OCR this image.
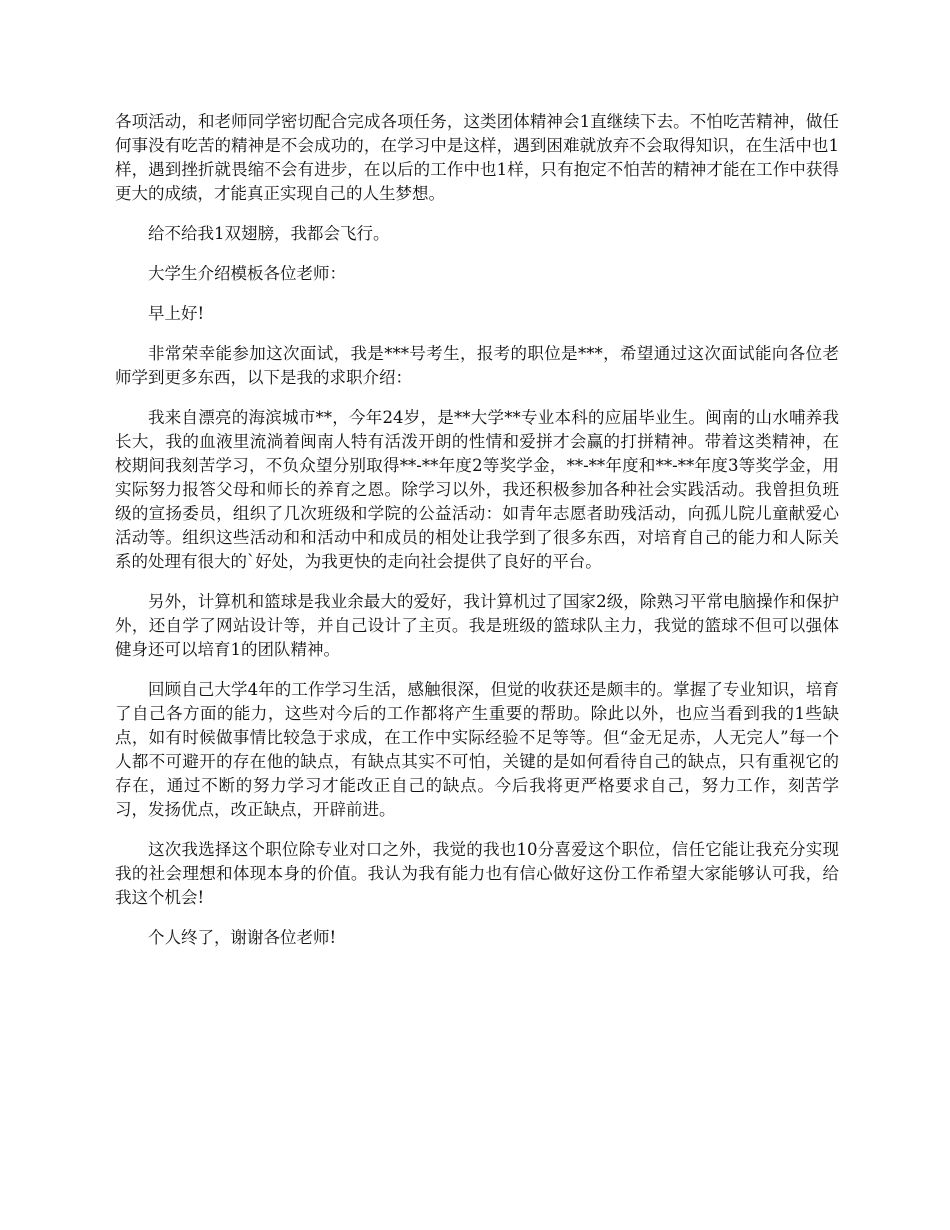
各项活动，和老师同学密切配合完成各项任务，这类团体精神会1直继续下去。不怕吃苦精神，做任何事没有吃苦的精神是不会成功的，在学习中是这样，遇到困难就放弃不会取得知识，在生活中也1样，遇到挫折就畏缩不会有进步，在以后的工作中也1样，只有抱定不怕苦的精神才能在工作中获得更大的成绩，才能真正实现自己的人生梦想。

给不给我1双翅膀，我都会飞行。

大学生介绍模板各位老师：

早上好!

非常荣幸能参加这次面试，我是***号考生，报考的职位是***，希望通过这次面试能向各位老师学到更多东西，以下是我的求职介绍：

我来自漂亮的海滨城市**，今年24岁，是**大学**专业本科的应届毕业生。闽南的山水哺养我长大，我的血液里流淌着闽南人特有活泼开朗的性情和爱拼才会赢的打拼精神。带着这类精神，在校期间我刻苦学习，不负众望分别取得**-**年度2等奖学金，**-**年度和**-**年度3等奖学金，用实际努力报答父母和师长的养育之恩。除学习以外，我还积极参加各种社会实践活动。我曾担负班级的宣扬委员，组织了几次班级和学院的公益活动：如青年志愿者助残活动，向孤儿院儿童献爱心活动等。组织这些活动和和活动中和成员的相处让我学到了很多东西，对培育自己的能力和人际关系的处理有很大的`好处，为我更快的走向社会提供了良好的平台。

另外，计算机和篮球是我业余最大的爱好，我计算机过了国家2级，除熟习平常电脑操作和保护外，还自学了网站设计等，并自己设计了主页。我是班级的篮球队主力，我觉的篮球不但可以强体健身还可以培育1的团队精神。

回顾自己大学4年的工作学习生活，感触很深，但觉的收获还是颇丰的。掌握了专业知识，培育了自己各方面的能力，这些对今后的工作都将产生重要的帮助。除此以外，也应当看到我的1些缺点，如有时候做事情比较急于求成，在工作中实际经验不足等等。但“金无足赤，人无完人”每一个人都不可避开的存在他的缺点，有缺点其实不可怕，关键的是如何看待自己的缺点，只有重视它的存在，通过不断的努力学习才能改正自己的缺点。今后我将更严格要求自己，努力工作，刻苦学习，发扬优点，改正缺点，开辟前进。

这次我选择这个职位除专业对口之外，我觉的我也10分喜爱这个职位，信任它能让我充分实现我的社会理想和体现本身的价值。我认为我有能力也有信心做好这份工作希望大家能够认可我，给我这个机会!

个人终了，谢谢各位老师!
